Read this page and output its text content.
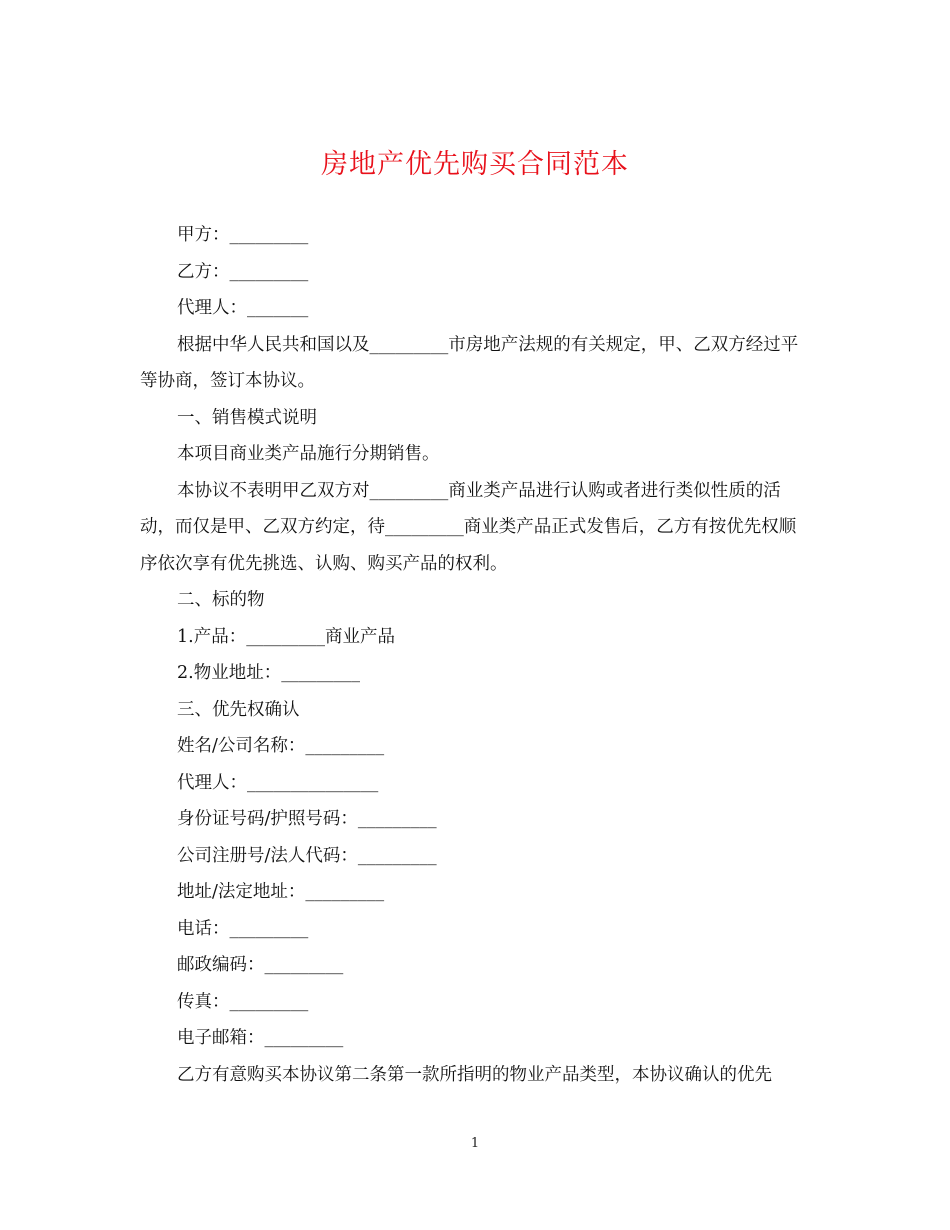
房地产优先购买合同范本

甲方：_________

乙方：_________

代理人：_______

根据中华人民共和国以及_________市房地产法规的有关规定，甲、乙双方经过平等协商，签订本协议。

一、销售模式说明

本项目商业类产品施行分期销售。

本协议不表明甲乙双方对_________商业类产品进行认购或者进行类似性质的活动，而仅是甲、乙双方约定，待_________商业类产品正式发售后，乙方有按优先权顺序依次享有优先挑选、认购、购买产品的权利。

二、标的物

1.产品：_________商业产品

2.物业地址：_________

三、优先权确认

姓名/公司名称：_________

代理人：_______________

身份证号码/护照号码：_________

公司注册号/法人代码：_________

地址/法定地址：_________

电话：_________

邮政编码：_________

传真：_________

电子邮箱：_________

乙方有意购买本协议第二条第一款所指明的物业产品类型，本协议确认的优先

1
